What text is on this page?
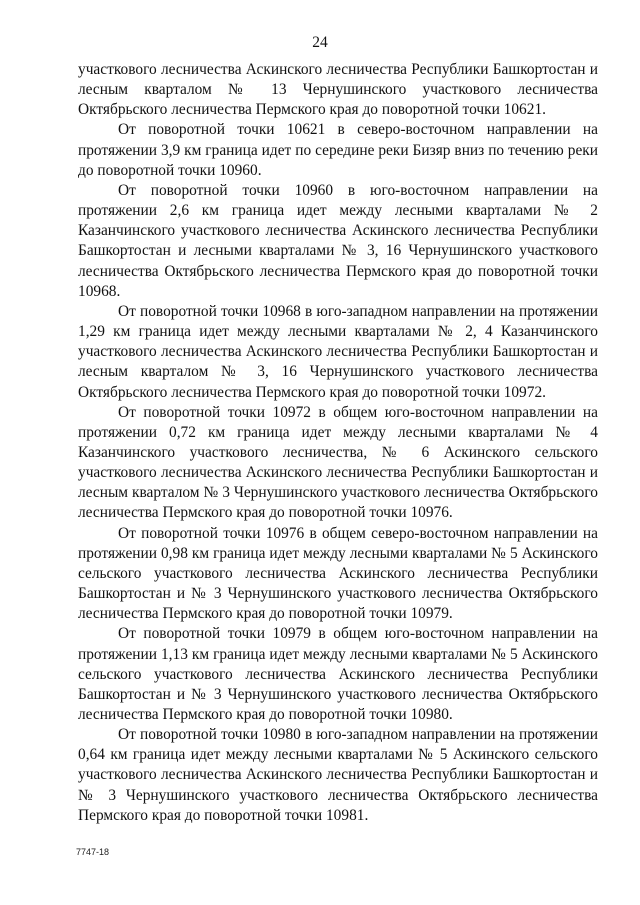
24

участкового лесничества Аскинского лесничества Республики Башкортостан и лесным кварталом № 13 Чернушинского участкового лесничества Октябрьского лесничества Пермского края до поворотной точки 10621.

От поворотной точки 10621 в северо-восточном направлении на протяжении 3,9 км граница идет по середине реки Бизяр вниз по течению реки до поворотной точки 10960.

От поворотной точки 10960 в юго-восточном направлении на протяжении 2,6 км граница идет между лесными кварталами № 2 Казанчинского участкового лесничества Аскинского лесничества Республики Башкортостан и лесными кварталами № 3, 16 Чернушинского участкового лесничества Октябрьского лесничества Пермского края до поворотной точки 10968.

От поворотной точки 10968 в юго-западном направлении на протяжении 1,29 км граница идет между лесными кварталами № 2, 4 Казанчинского участкового лесничества Аскинского лесничества Республики Башкортостан и лесным кварталом № 3, 16 Чернушинского участкового лесничества Октябрьского лесничества Пермского края до поворотной точки 10972.

От поворотной точки 10972 в общем юго-восточном направлении на протяжении 0,72 км граница идет между лесными кварталами № 4 Казанчинского участкового лесничества, № 6 Аскинского сельского участкового лесничества Аскинского лесничества Республики Башкортостан и лесным кварталом № 3 Чернушинского участкового лесничества Октябрьского лесничества Пермского края до поворотной точки 10976.

От поворотной точки 10976 в общем северо-восточном направлении на протяжении 0,98 км граница идет между лесными кварталами № 5 Аскинского сельского участкового лесничества Аскинского лесничества Республики Башкортостан и № 3 Чернушинского участкового лесничества Октябрьского лесничества Пермского края до поворотной точки 10979.

От поворотной точки 10979 в общем юго-восточном направлении на протяжении 1,13 км граница идет между лесными кварталами № 5 Аскинского сельского участкового лесничества Аскинского лесничества Республики Башкортостан и № 3 Чернушинского участкового лесничества Октябрьского лесничества Пермского края до поворотной точки 10980.

От поворотной точки 10980 в юго-западном направлении на протяжении 0,64 км граница идет между лесными кварталами № 5 Аскинского сельского участкового лесничества Аскинского лесничества Республики Башкортостан и № 3 Чернушинского участкового лесничества Октябрьского лесничества Пермского края до поворотной точки 10981.

7747-18
